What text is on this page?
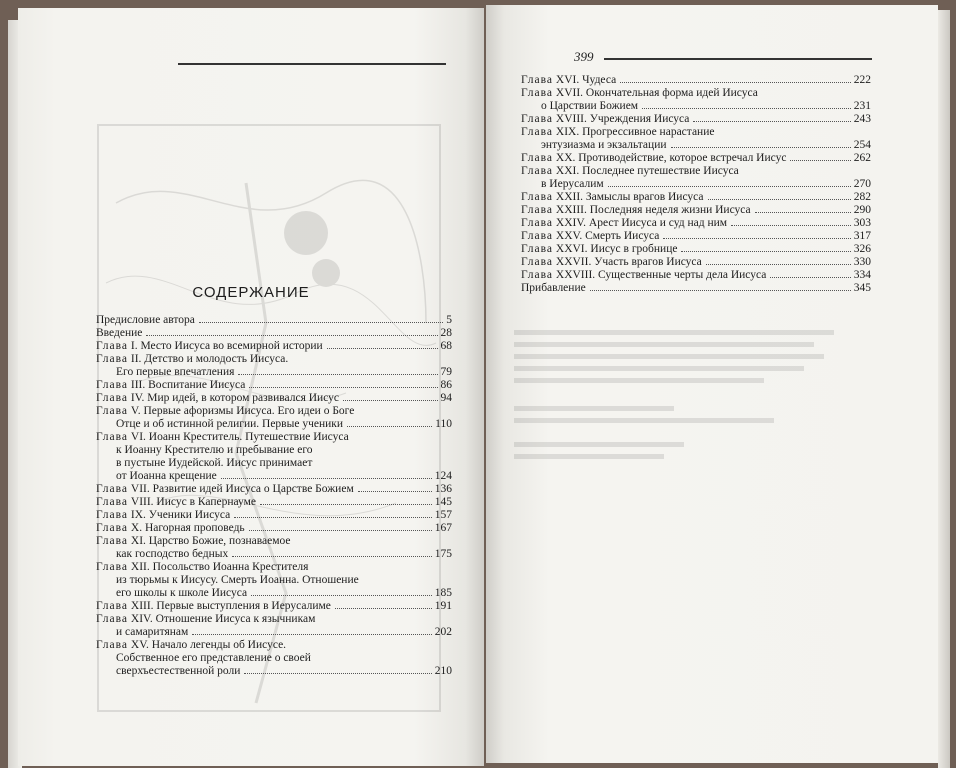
СОДЕРЖАНИЕ
Предисловие автора	5
Введение	28
Глава I. Место Иисуса во всемирной истории	68
Глава II. Детство и молодость Иисуса.
Его первые впечатления	79
Глава III. Воспитание Иисуса	86
Глава IV. Мир идей, в котором развивался Иисус	94
Глава V. Первые афоризмы Иисуса. Его идеи о Боге
Отце и об истинной религии. Первые ученики	110
Глава VI. Иоанн Креститель. Путешествие Иисуса
к Иоанну Крестителю и пребывание его
в пустыне Иудейской. Иисус принимает
от Иоанна крещение	124
Глава VII. Развитие идей Иисуса о Царстве Божием	136
Глава VIII. Иисус в Капернауме	145
Глава IX. Ученики Иисуса	157
Глава X. Нагорная проповедь	167
Глава XI. Царство Божие, познаваемое
как господство бедных	175
Глава XII. Посольство Иоанна Крестителя
из тюрьмы к Иисусу. Смерть Иоанна. Отношение
его школы к школе Иисуса	185
Глава XIII. Первые выступления в Иерусалиме	191
Глава XIV. Отношение Иисуса к язычникам
и самаритянам	202
Глава XV. Начало легенды об Иисусе.
Собственное его представление о своей
сверхъестественной роли	210
399
Глава XVI. Чудеса	222
Глава XVII. Окончательная форма идей Иисуса
о Царствии Божием	231
Глава XVIII. Учреждения Иисуса	243
Глава XIX. Прогрессивное нарастание
энтузиазма и экзальтации	254
Глава XX. Противодействие, которое встречал Иисус	262
Глава XXI. Последнее путешествие Иисуса
в Иерусалим	270
Глава XXII. Замыслы врагов Иисуса	282
Глава XXIII. Последняя неделя жизни Иисуса	290
Глава XXIV. Арест Иисуса и суд над ним	303
Глава XXV. Смерть Иисуса	317
Глава XXVI. Иисус в гробнице	326
Глава XXVII. Участь врагов Иисуса	330
Глава XXVIII. Существенные черты дела Иисуса	334
Прибавление	345
